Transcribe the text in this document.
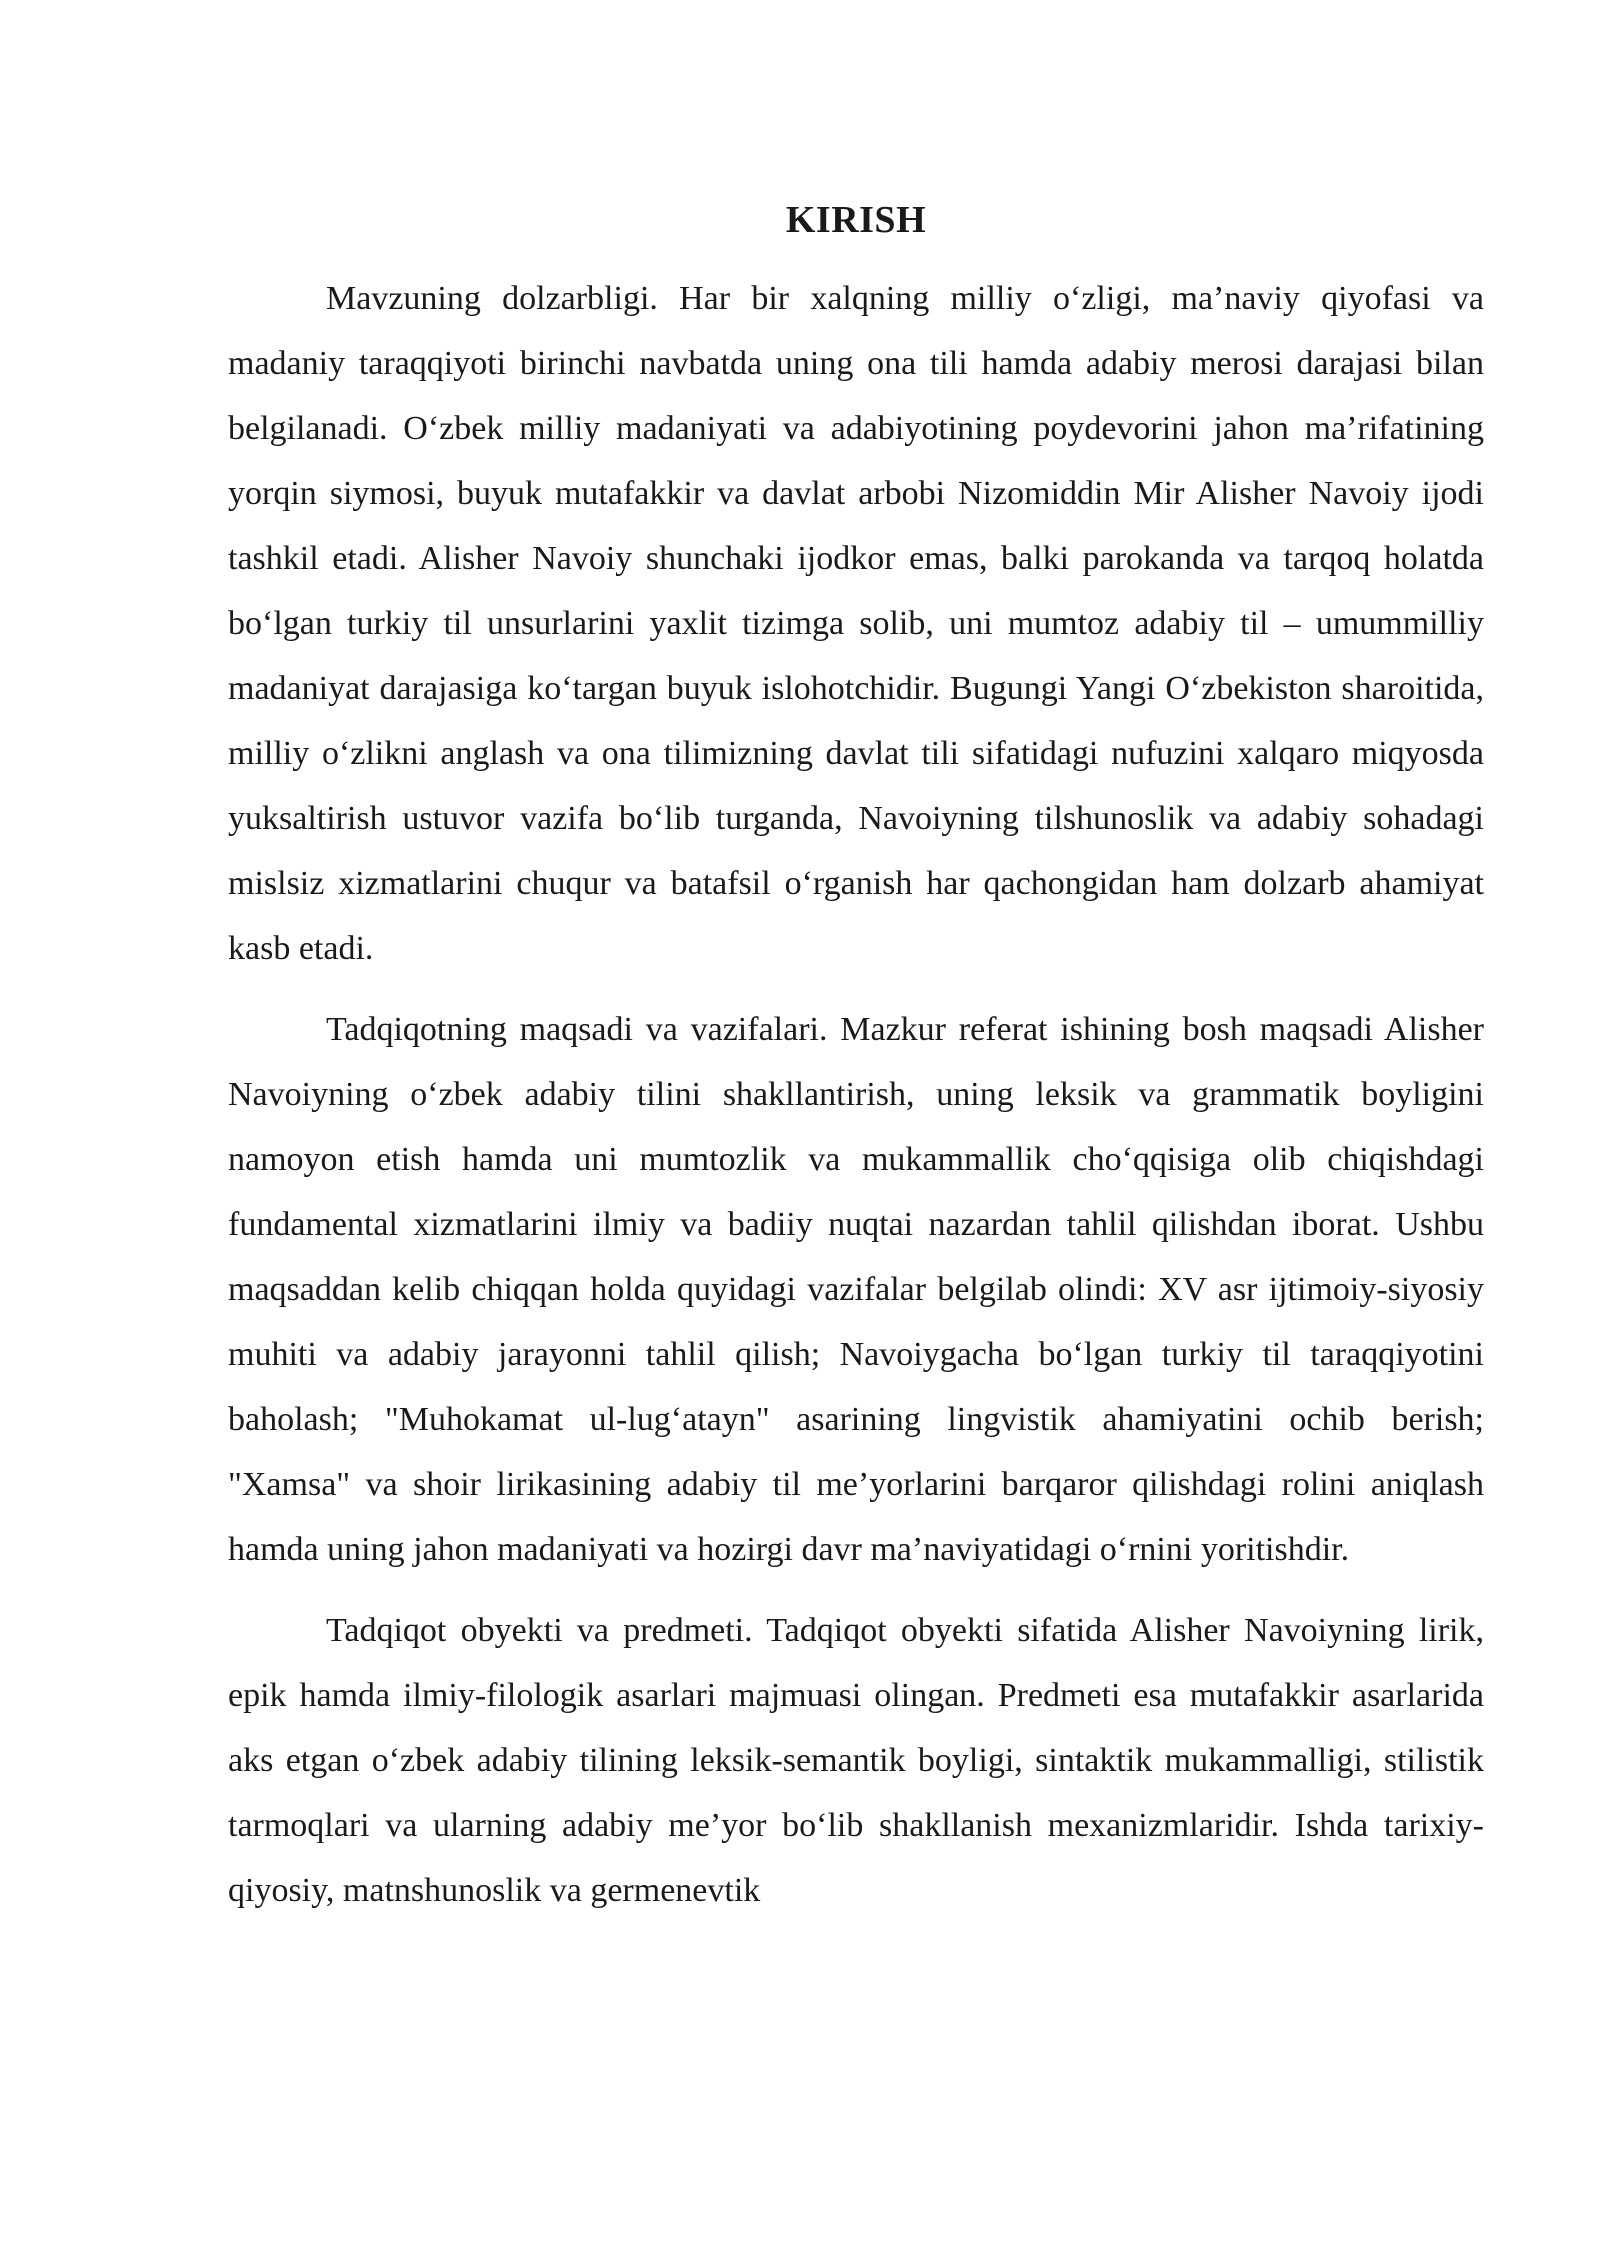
KIRISH

Mavzuning dolzarbligi. Har bir xalqning milliy o‘zligi, ma’naviy qiyofasi va madaniy taraqqiyoti birinchi navbatda uning ona tili hamda adabiy merosi darajasi bilan belgilanadi. O‘zbek milliy madaniyati va adabiyotining poydevorini jahon ma’rifatining yorqin siymosi, buyuk mutafakkir va davlat arbobi Nizomiddin Mir Alisher Navoiy ijodi tashkil etadi. Alisher Navoiy shunchaki ijodkor emas, balki parokanda va tarqoq holatda bo‘lgan turkiy til unsurlarini yaxlit tizimga solib, uni mumtoz adabiy til – umummilliy madaniyat darajasiga ko‘targan buyuk islohotchidir. Bugungi Yangi O‘zbekiston sharoitida, milliy o‘zlikni anglash va ona tilimizning davlat tili sifatidagi nufuzini xalqaro miqyosda yuksaltirish ustuvor vazifa bo‘lib turganda, Navoiyning tilshunoslik va adabiy sohadagi mislsiz xizmatlarini chuqur va batafsil o‘rganish har qachongidan ham dolzarb ahamiyat kasb etadi.

Tadqiqotning maqsadi va vazifalari. Mazkur referat ishining bosh maqsadi Alisher Navoiyning o‘zbek adabiy tilini shakllantirish, uning leksik va grammatik boyligini namoyon etish hamda uni mumtozlik va mukammallik cho‘qqisiga olib chiqishdagi fundamental xizmatlarini ilmiy va badiiy nuqtai nazardan tahlil qilishdan iborat. Ushbu maqsaddan kelib chiqqan holda quyidagi vazifalar belgilab olindi: XV asr ijtimoiy-siyosiy muhiti va adabiy jarayonni tahlil qilish; Navoiygacha bo‘lgan turkiy til taraqqiyotini baholash; "Muhokamat ul-lug‘atayn" asarining lingvistik ahamiyatini ochib berish; "Xamsa" va shoir lirikasining adabiy til me’yorlarini barqaror qilishdagi rolini aniqlash hamda uning jahon madaniyati va hozirgi davr ma’naviyatidagi o‘rnini yoritishdir.

Tadqiqot obyekti va predmeti. Tadqiqot obyekti sifatida Alisher Navoiyning lirik, epik hamda ilmiy-filologik asarlari majmuasi olingan. Predmeti esa mutafakkir asarlarida aks etgan o‘zbek adabiy tilining leksik-semantik boyligi, sintaktik mukammalligi, stilistik tarmoqlari va ularning adabiy me’yor bo‘lib shakllanish mexanizmlaridir. Ishda tarixiy-qiyosiy, matnshunoslik va germenevtik
